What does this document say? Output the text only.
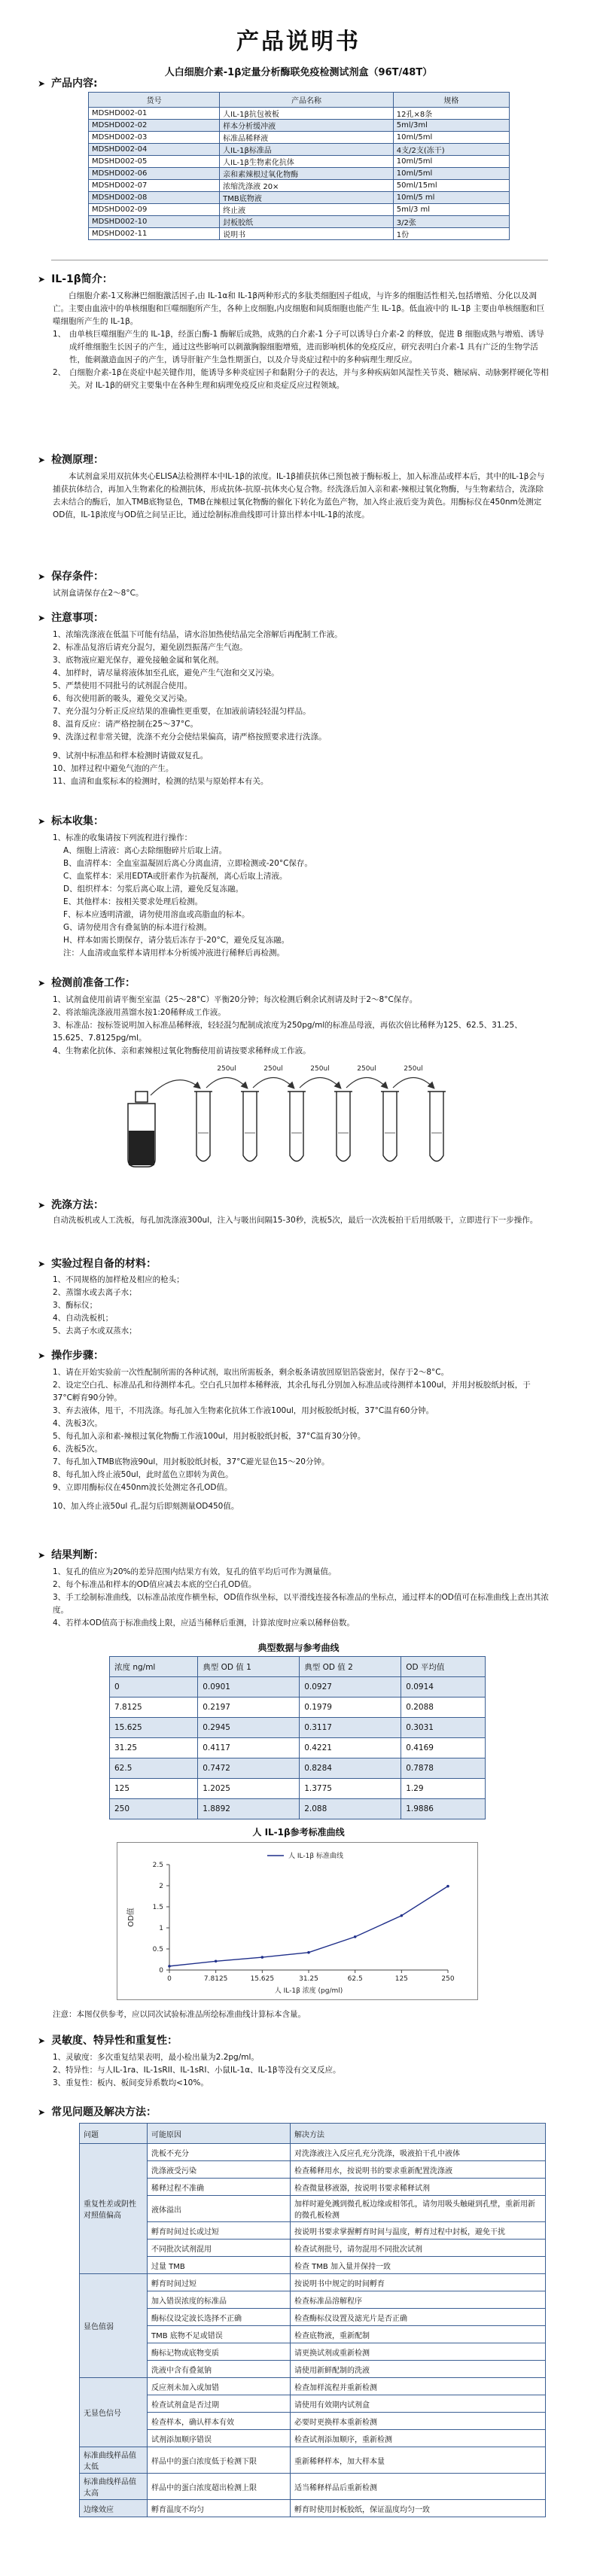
产品说明书
人白细胞介素-1β定量分析酶联免疫检测试剂盒（96T/48T）
➤ 产品内容:
货号	产品名称	规格
MDSHD002-01	人IL-1β抗包被板	12孔×8条
MDSHD002-02	样本分析缓冲液	5ml/3ml
MDSHD002-03	标准品稀释液	10ml/5ml
MDSHD002-04	人IL-1β标准品	4支/2支(冻干)
MDSHD002-05	人IL-1β生物素化抗体	10ml/5ml
MDSHD002-06	亲和素辣根过氧化物酶	10ml/5ml
MDSHD002-07	浓缩洗涤液 20×	50ml/15ml
MDSHD002-08	TMB底物液	10ml/5 ml
MDSHD002-09	终止液	5ml/3 ml
MDSHD002-10	封板胶纸	3/2张
MDSHD002-11	说明书	1份
➤ IL-1β简介：

白细胞介素-1又称淋巴细胞激活因子,由 IL-1α和 IL-1β两种形式的多肽类细胞因子组成，与许多的细胞活性相关,包括增殖、分化以及凋亡。主要由血液中的单核细胞和巨噬细胞所产生，各种上皮细胞,内皮细胞和间质细胞也能产生 IL-1β。低血液中的 IL-1β 主要由单核细胞和巨噬细胞所产生的 IL-1β。

1、 由单核巨噬细胞产生的 IL-1β，经蛋白酶-1 酶解后成熟，成熟的白介素-1 分子可以诱导白介素-2 的释放，促进 B 细胞成熟与增殖、诱导成纤维细胞生长因子的产生，通过这些影响可以刺激胸腺细胞增殖，进而影响机体的免疫反应，研究表明白介素-1 具有广泛的生物学活性，能刺激造血因子的产生，诱导肝脏产生急性期蛋白，以及介导炎症过程中的多种病理生理反应。
2、 白细胞介素-1β在炎症中起关键作用，能诱导多种炎症因子和黏附分子的表达，并与多种疾病如风湿性关节炎、糖尿病、动脉粥样硬化等相关。对 IL-1β的研究主要集中在各种生理和病理免疫反应和炎症反应过程领域。
➤ 检测原理：

本试剂盒采用双抗体夹心ELISA法检测样本中IL-1β的浓度。IL-1β捕获抗体已预包被于酶标板上，加入标准品或样本后，其中的IL-1β会与捕获抗体结合，再加入生物素化的检测抗体，形成抗体-抗原-抗体夹心复合物。经洗涤后加入亲和素-辣根过氧化物酶，与生物素结合，洗涤除去未结合的酶后，加入TMB底物显色，TMB在辣根过氧化物酶的催化下转化为蓝色产物，加入终止液后变为黄色。用酶标仪在450nm处测定OD值，IL-1β浓度与OD值之间呈正比，通过绘制标准曲线即可计算出样本中IL-1β的浓度。

➤ 保存条件：

试剂盒请保存在2～8°C。

➤ 注意事项：

1、浓缩洗涤液在低温下可能有结晶，请水浴加热使结晶完全溶解后再配制工作液。

2、标准品复溶后请充分混匀，避免剧烈振荡产生气泡。

3、底物液应避光保存，避免接触金属和氧化剂。

4、加样时，请尽量将液体加至孔底，避免产生气泡和交叉污染。

5、严禁使用不同批号的试剂混合使用。

6、每次使用新的吸头，避免交叉污染。

7、充分混匀分析正反应结果的准确性更重要，在加液前请轻轻混匀样品。

8、温育反应：请严格控制在25～37°C。

9、洗涤过程非常关键，洗涤不充分会使结果偏高，请严格按照要求进行洗涤。

9、试剂中标准品和样本检测时请做双复孔。

10、加样过程中避免气泡的产生。

11、血清和血浆标本的检测时，检测的结果与原始样本有关。

➤ 标本收集：

1、标准的收集请按下列流程进行操作：

A、细胞上清液：离心去除细胞碎片后取上清。

B、血清样本：全血室温凝固后离心分离血清，立即检测或-20°C保存。

C、血浆样本：采用EDTA或肝素作为抗凝剂，离心后取上清液。

D、组织样本：匀浆后离心取上清，避免反复冻融。

E、其他样本：按相关要求处理后检测。

F、标本应透明清澈，请勿使用溶血或高脂血的标本。

G、请勿使用含有叠氮钠的标本进行检测。

H、样本如需长期保存，请分装后冻存于-20°C，避免反复冻融。

注：人血清或血浆样本请用样本分析缓冲液进行稀释后再检测。

➤ 检测前准备工作：

1、试剂盒使用前请平衡至室温（25～28°C）平衡20分钟；每次检测后剩余试剂请及时于2～8°C保存。

2、将浓缩洗涤液用蒸馏水按1:20稀释成工作液。

3、标准品：按标签说明加入标准品稀释液，轻轻混匀配制成浓度为250pg/ml的标准品母液，再依次倍比稀释为125、62.5、31.25、15.625、7.8125pg/ml。

4、生物素化抗体、亲和素辣根过氧化物酶使用前请按要求稀释成工作液。

250ul	250ul	250ul	250ul	250ul
➤ 洗涤方法：

自动洗板机或人工洗板，每孔加洗涤液300ul，注入与吸出间隔15-30秒，洗板5次，最后一次洗板拍干后用纸吸干，立即进行下一步操作。

➤ 实验过程自备的材料：

1、不同规格的加样枪及相应的枪头；

2、蒸馏水或去离子水；

3、酶标仪；

4、自动洗板机；

5、去离子水或双蒸水；

➤ 操作步骤：

1、请在开始实验前一次性配制所需的各种试剂，取出所需板条，剩余板条请放回原铝箔袋密封，保存于2～8°C。

2、设定空白孔、标准品孔和待测样本孔。空白孔只加样本稀释液，其余孔每孔分别加入标准品或待测样本100ul，并用封板胶纸封板，于37°C孵育90分钟。

3、弃去液体，甩干，不用洗涤。每孔加入生物素化抗体工作液100ul，用封板胶纸封板，37°C温育60分钟。

4、洗板3次。

5、每孔加入亲和素-辣根过氧化物酶工作液100ul，用封板胶纸封板，37°C温育30分钟。

6、洗板5次。

7、每孔加入TMB底物液90ul，用封板胶纸封板，37°C避光显色15～20分钟。

8、每孔加入终止液50ul，此时蓝色立即转为黄色。

9、立即用酶标仪在450nm波长处测定各孔OD值。

10、加入终止液50ul 孔,混匀后即刻测量OD450值。

➤ 结果判断：

1、复孔的值应为20%的差异范围内结果方有效，复孔的值平均后可作为测量值。

2、每个标准品和样本的OD值应减去本底的空白孔OD值。

3、手工绘制标准曲线，以标准品浓度作横坐标，OD值作纵坐标，以平滑线连接各标准品的坐标点，通过样本的OD值可在标准曲线上查出其浓度。

4、若样本OD值高于标准曲线上限，应适当稀释后重测，计算浓度时应乘以稀释倍数。

典型数据与参考曲线
浓度 ng/ml	典型 OD 值 1	典型 OD 值 2	OD 平均值
0	0.0901	0.0927	0.0914
7.8125	0.2197	0.1979	0.2088
15.625	0.2945	0.3117	0.3031
31.25	0.4117	0.4221	0.4169
62.5	0.7472	0.8284	0.7878
125	1.2025	1.3775	1.29
250	1.8892	2.088	1.9886
人 IL-1β参考标准曲线
0
0.5
1
1.5
2
2.5
0	7.8125	15.625	31.25	62.5	125	250
人 IL-1β 标准曲线
人 IL-1β 浓度 (pg/ml)
OD值

注意：本图仅供参考，应以同次试验标准品所绘标准曲线计算标本含量。

➤ 灵敏度、特异性和重复性：

1、灵敏度：多次重复结果表明，最小检出量为2.2pg/ml。

2、特异性：与人IL-1ra、IL-1sRII、IL-1sRI、小鼠IL-1α、IL-1β等没有交叉反应。

3、重复性：板内、板间变异系数均<10%。

➤ 常见问题及解决方法：
问题	可能原因	解决方法
重复性差或阴性对照值偏高	洗板不充分	对洗涤液注入反应孔充分洗涤，吸液拍干孔中液体
	洗涤液受污染	检查稀释用水，按说明书的要求重新配置洗涤液
	稀释过程不准确	检查微量移液器，按说明书要求稀释试剂
	液体溢出	加样时避免溅到微孔板边缘或相邻孔，请勿用吸头触碰到孔壁，重新用新的微孔板检测
	孵育时间过长或过短	按说明书要求掌握孵育时间与温度，孵育过程中封板，避免干扰
	不同批次试剂混用	检查试剂批号，请勿混用不同批次试剂
	过量 TMB	检查 TMB 加入量并保持一致
显色值弱	孵育时间过短	按说明书中规定的时间孵育
	加入错误浓度的标准品	检查标准品溶解程序
	酶标仪设定波长选择不正确	检查酶标仪设置及滤光片是否正确
	TMB 底物不足或错误	检查底物液，重新配制
	酶标记物或底物变质	请更换试剂或重新检测
	洗液中含有叠氮钠	请使用新鲜配制的洗液
无显色信号	反应剂未加入或加错	检查加样流程并重新检测
	检查试剂盒是否过期	请使用有效期内试剂盒
	检查样本，确认样本有效	必要时更换样本重新检测
	试剂添加顺序错误	检查试剂添加顺序，重新检测
标准曲线样品值太低	样品中的蛋白浓度低于检测下限	重新稀释样本，加大样本量
标准曲线样品值太高	样品中的蛋白浓度超出检测上限	适当稀释样品后重新检测
边缘效应	孵育温度不均匀	孵育时使用封板胶纸，保证温度均匀一致
